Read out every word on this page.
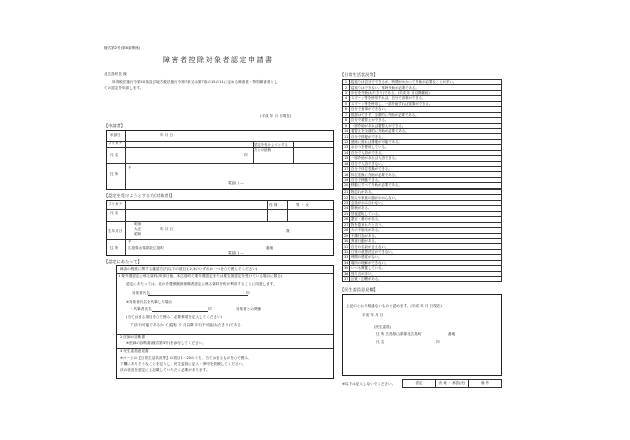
様式第2号(第8条関係)
障害者控除対象者認定申請書
北広島町長 様
所得税法施行令第10条及び地方税法施行令第7条又は第7条の15の11に定める障害者・特別障害者とし
ての認定を申請します。
(平成 年 月 日現在)
【申請者】
申請日	年 月 日
フリガナ
氏 名	印
認定を受けようとする方との続柄
住 所
〒
電話( ) —
【認定を受けようとする方(対象者)】
フリガナ
氏 名
性 別	男 ・ 女
生年月日
明治
大正
昭和
年 月 日	歳
住 所
〒
広島県山県郡北広島町	番地
電話( ) —
【認定にあたって】
障害の程度に関する確認方法(以下の項目1,2,3のいずれか一つを○で囲んでください)
1 要介護認定に係る資料(申請日後、本広島町で要介護認定または要支援認定を受けている場合に限る)
認定にあたっては、北の介護保険被保険者認定に係る資料を町が利用することに同意します。
対象者氏名	印
※対象者氏名を代筆した場合
・代筆者氏名	印	対象者との関係
(当てはまる項目を○で囲み、必要事項を記入してください)
ア)歩行可能であるか イ)寝転 ウ 月以降 歩行不可能(ねたきり)である
2 医師の診断書
※医師の診断書(様式第3号)を添付してください。
3 民生委員意見書
※ページの【日常生活状況等】の項目1〜20のうち、当てはまるものを○で囲み、
下欄にありそうなことを記入し、民生委員に記入・押印を依頼してください。
状の状況を認定に上記載していただく必要があります。
【日常生活状況等】
1	寝返りは自分でできるが、時間がかかって介助が必要なことが多い。
2	寝返りはできない。常時介助が必要である。
3	歩行を介助(ねたきり)である。(平成 年 月以降継続)
4	スプーン等を使用すれば、自分で食事ができる。
5	スプーン等を使用し、一部介助すれば食事ができる。
6	自分で食事ができない。
7	排泄はできず、全面的に介助が必要である。
8	自分で着替えができる。
9	一部介助があれば着替えができる。
10	着替えを全面的に介助が必要である。
11	自分で排便ができる。
12	便座に座れば排便が可能である。
13	おむつを使用している。
14	自分で入浴ができる。
15	一部介助があれば入浴できる。
16	自分で入浴できない。
17	自分で体位変換ができる。
18	体位変換に介助が必要である。
19	自分で移動できる。
20	移動にすべて介助が必要である。
21	物忘れがある。
22	知人や家族の顔がわからない。
23	会話がかみ合わない。
24	徘徊がある。
25	昼夜逆転している。
26	暴言・暴行がある。
27	物を盗まれたと言う。
28	火の不始末がある。
29	不潔行為がある。
30	異食行動がある。
31	自分の名前が言えない。
32	日常の意思決定ができない。
33	時間の感覚がない。
34	場所の理解ができない。
35	いつも興奮している。
36	独り言が多い。
37	幻覚・幻聴がある。
【民生委員意見欄】
上記のとおり相違ないものと認めます。(平成 年 月 日現在)
平成 年 月 日
(民生委員)
住 所 広島県山県郡北広島町	番地
氏 名	印
※以下は記入しないでください。	認定	決 裁 ・ 承認(決)	備 考
